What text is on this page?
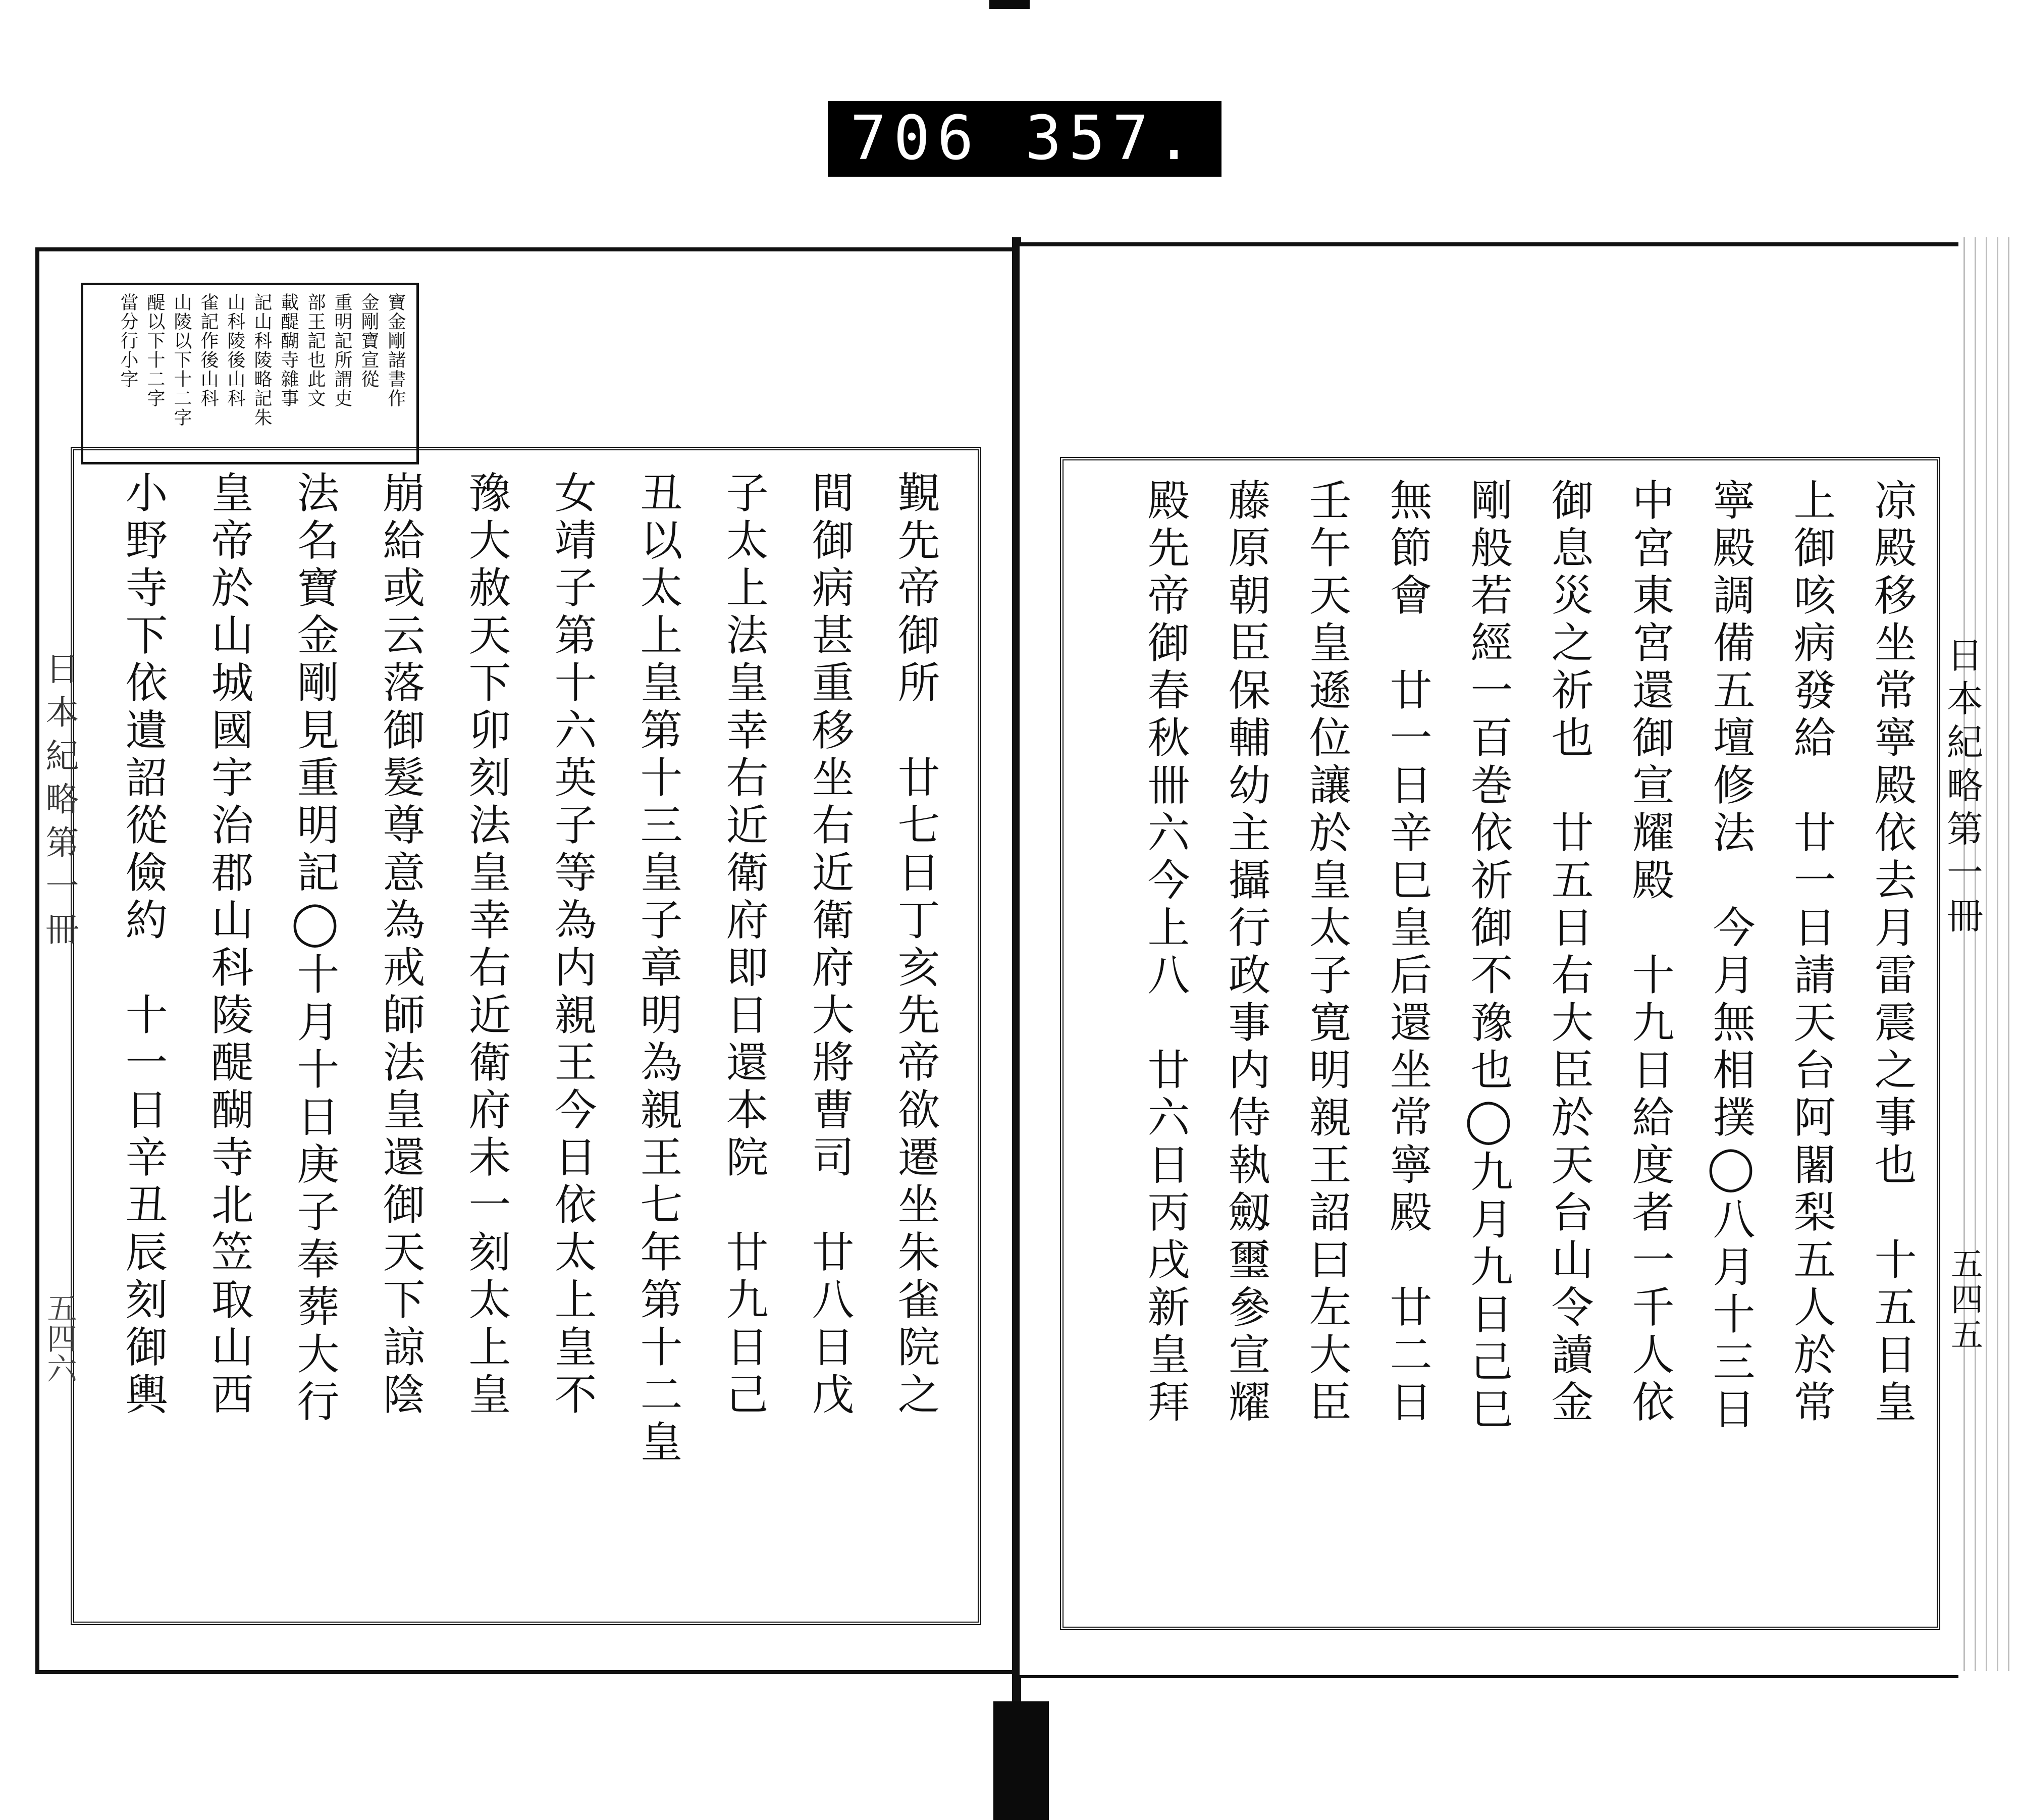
706 357.
寶金剛諸書作
金剛寶宣從
重明記所謂吏
部王記也此文
載醍醐寺雜事
記山科陵略記朱
山科陵後山科
雀記作後山科
山陵以下十二字
醍以下十二字
當分行小字
覲先帝御所　廿七日丁亥先帝欲遷坐朱雀院之
間御病甚重移坐右近衛府大將曹司　廿八日戊
子太上法皇幸右近衛府即日還本院　廿九日己
丑以太上皇第十三皇子章明為親王七年第十二皇
女靖子第十六英子等為内親王今日依太上皇不
豫大赦天下卯刻法皇幸右近衛府未一刻太上皇
崩給或云落御髮尊意為戒師法皇還御天下諒陰
法名寶金剛見重明記◯十月十日庚子奉葬大行
皇帝於山城國宇治郡山科陵醍醐寺北笠取山西
小野寺下依遺詔從儉約　十一日辛丑辰刻御輿
日本紀略第一冊
五四六	凉殿移坐常寧殿依去月雷震之事也　十五日皇
上御咳病發給　廿一日請天台阿闍梨五人於常
寧殿調備五壇修法　今月無相撲◯八月十三日
中宮東宮還御宣耀殿　十九日給度者一千人依
御息災之祈也　廿五日右大臣於天台山令讀金
剛般若經一百巻依祈御不豫也◯九月九日己巳
無節會　廿一日辛巳皇后還坐常寧殿　廿二日
壬午天皇遜位讓於皇太子寛明親王詔曰左大臣
藤原朝臣保輔幼主攝行政事内侍執劔璽參宣耀
殿先帝御春秋卌六今上八　廿六日丙戌新皇拜	日本紀略第一冊
五四五
